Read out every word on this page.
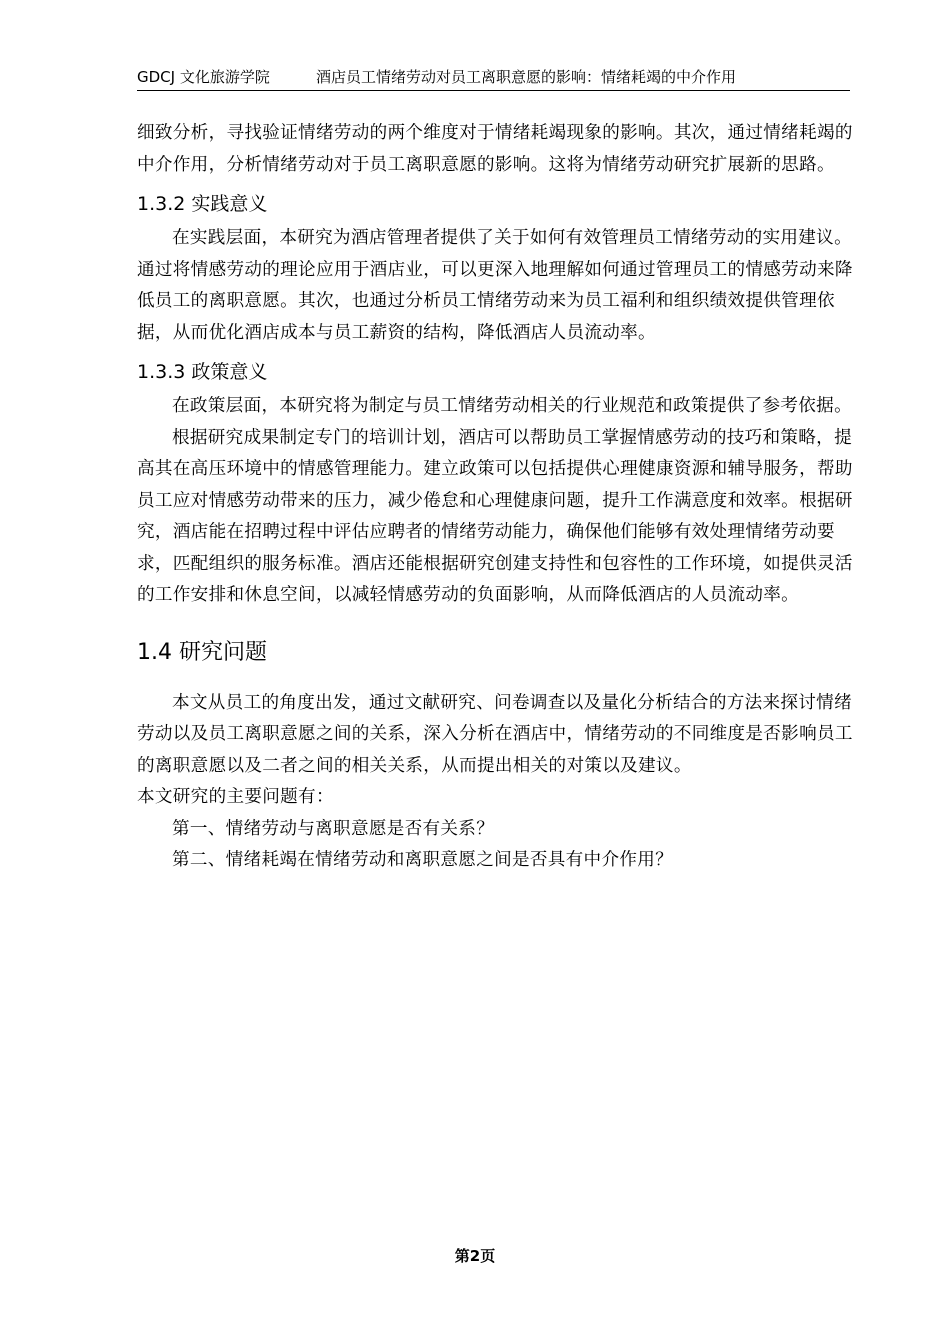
GDCJ 文化旅游学院	酒店员工情绪劳动对员工离职意愿的影响：情绪耗竭的中介作用

细致分析，寻找验证情绪劳动的两个维度对于情绪耗竭现象的影响。其次，通过情绪耗竭的中介作用，分析情绪劳动对于员工离职意愿的影响。这将为情绪劳动研究扩展新的思路。

1.3.2 实践意义

在实践层面，本研究为酒店管理者提供了关于如何有效管理员工情绪劳动的实用建议。通过将情感劳动的理论应用于酒店业，可以更深入地理解如何通过管理员工的情感劳动来降低员工的离职意愿。其次，也通过分析员工情绪劳动来为员工福利和组织绩效提供管理依据，从而优化酒店成本与员工薪资的结构，降低酒店人员流动率。

1.3.3 政策意义

在政策层面，本研究将为制定与员工情绪劳动相关的行业规范和政策提供了参考依据。

根据研究成果制定专门的培训计划，酒店可以帮助员工掌握情感劳动的技巧和策略，提高其在高压环境中的情感管理能力。建立政策可以包括提供心理健康资源和辅导服务，帮助员工应对情感劳动带来的压力，减少倦怠和心理健康问题，提升工作满意度和效率。根据研究，酒店能在招聘过程中评估应聘者的情绪劳动能力，确保他们能够有效处理情绪劳动要求，匹配组织的服务标准。酒店还能根据研究创建支持性和包容性的工作环境，如提供灵活的工作安排和休息空间，以减轻情感劳动的负面影响，从而降低酒店的人员流动率。

1.4 研究问题

本文从员工的角度出发，通过文献研究、问卷调查以及量化分析结合的方法来探讨情绪劳动以及员工离职意愿之间的关系，深入分析在酒店中，情绪劳动的不同维度是否影响员工的离职意愿以及二者之间的相关关系，从而提出相关的对策以及建议。

本文研究的主要问题有：

第一、情绪劳动与离职意愿是否有关系？

第二、情绪耗竭在情绪劳动和离职意愿之间是否具有中介作用？

第2页
